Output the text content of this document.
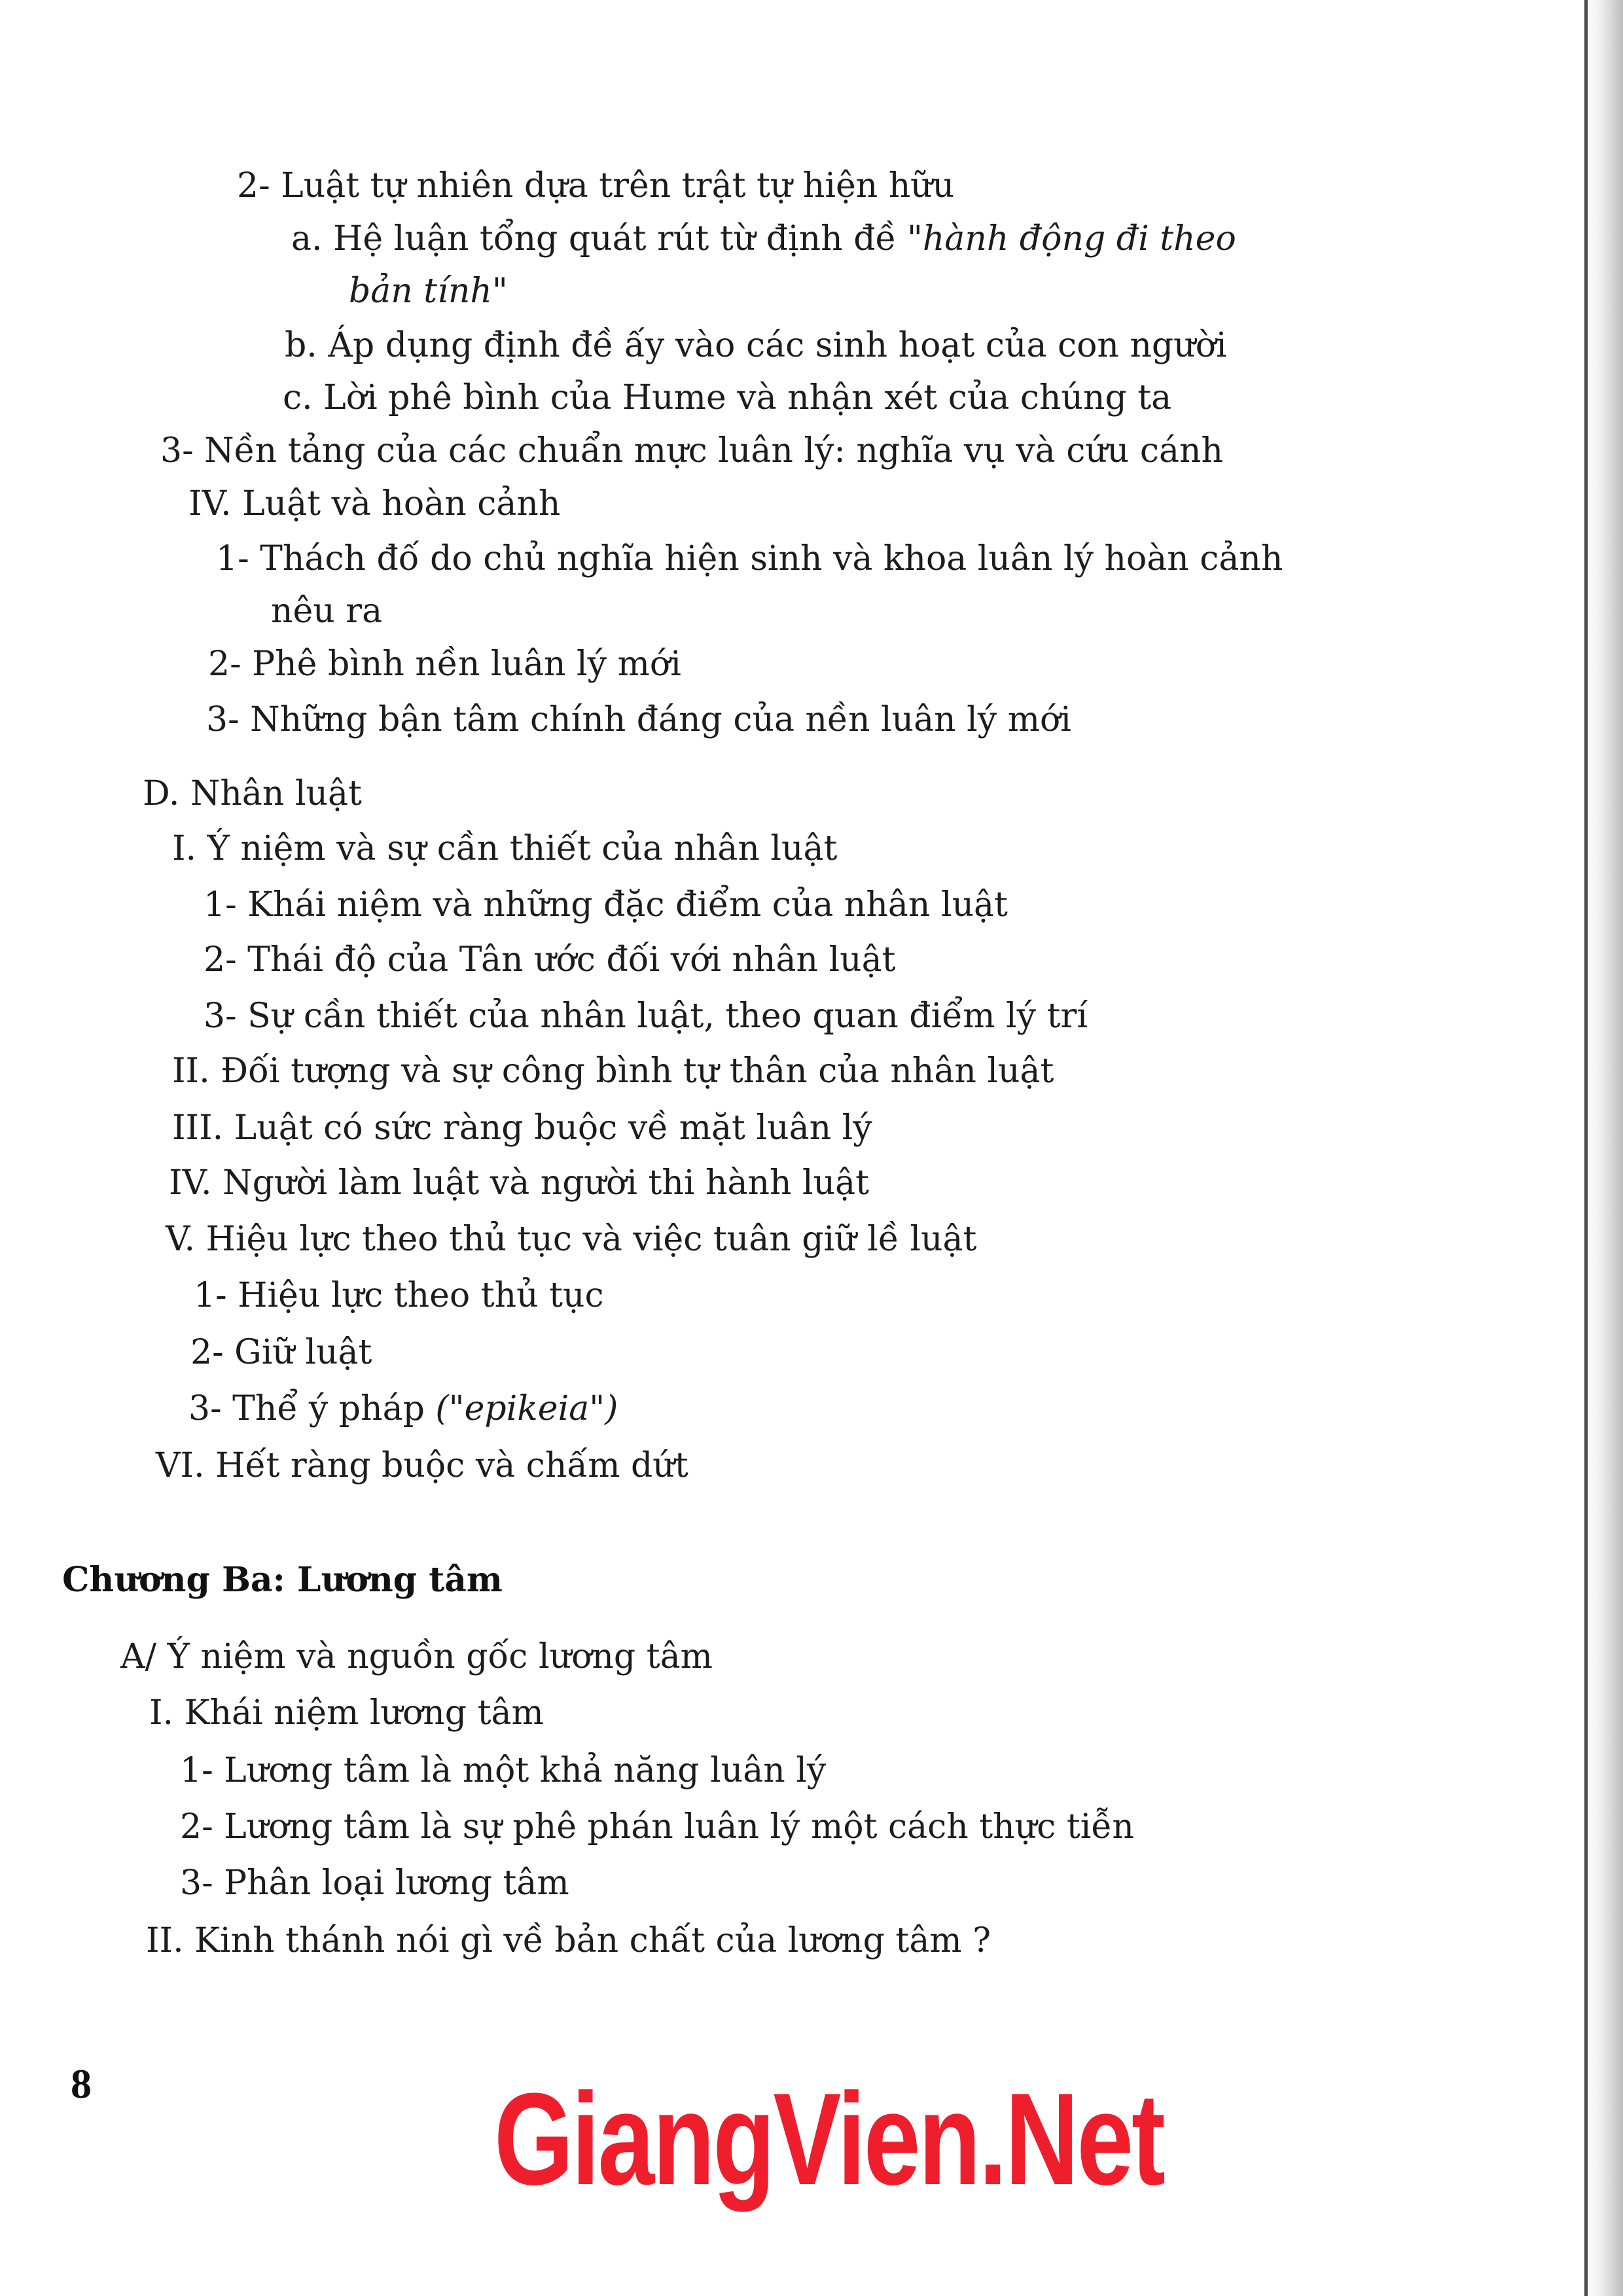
2- Luật tự nhiên dựa trên trật tự hiện hữu
a. Hệ luận tổng quát rút từ định đề "hành động đi theo
bản tính"
b. Áp dụng định đề ấy vào các sinh hoạt của con người
c. Lời phê bình của Hume và nhận xét của chúng ta
3- Nền tảng của các chuẩn mực luân lý: nghĩa vụ và cứu cánh
IV. Luật và hoàn cảnh
1- Thách đố do chủ nghĩa hiện sinh và khoa luân lý hoàn cảnh
nêu ra
2- Phê bình nền luân lý mới
3- Những bận tâm chính đáng của nền luân lý mới
D. Nhân luật
I. Ý niệm và sự cần thiết của nhân luật
1- Khái niệm và những đặc điểm của nhân luật
2- Thái độ của Tân ước đối với nhân luật
3- Sự cần thiết của nhân luật, theo quan điểm lý trí
II. Đối tượng và sự công bình tự thân của nhân luật
III. Luật có sức ràng buộc về mặt luân lý
IV. Người làm luật và người thi hành luật
V. Hiệu lực theo thủ tục và việc tuân giữ lề luật
1- Hiệu lực theo thủ tục
2- Giữ luật
3- Thể ý pháp ("epikeia")
VI. Hết ràng buộc và chấm dứt
Chương Ba: Lương tâm
A/ Ý niệm và nguồn gốc lương tâm
I. Khái niệm lương tâm
1- Lương tâm là một khả năng luân lý
2- Lương tâm là sự phê phán luân lý một cách thực tiễn
3- Phân loại lương tâm
II. Kinh thánh nói gì về bản chất của lương tâm ?
8	GiangVien.Net
